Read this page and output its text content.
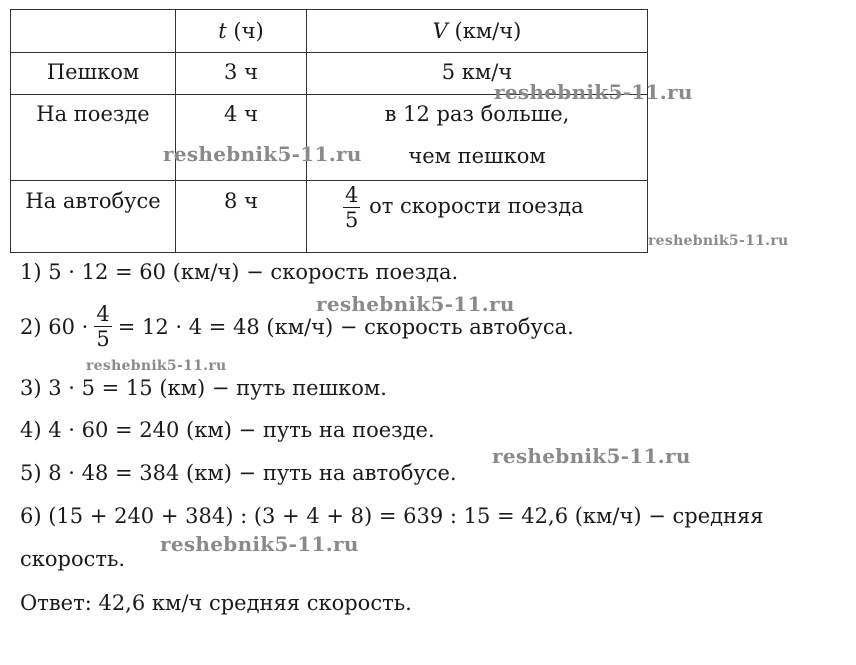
	t (ч)	V (км/ч)
Пешком	3 ч	5 км/ч
На поезде	4 ч	в 12 раз больше,
чем пешком

На автобусе	8 ч	$\frac{4}{5}$ от скорости поезда
1) 5 · 12 = 60 (км/ч) − скорость поезда.
2) $60 \cdot \frac{4}{5} = 12 \cdot 4 = 48$ (км/ч) − скорость автобуса.
3) 3 · 5 = 15 (км) − путь пешком.
4) 4 · 60 = 240 (км) − путь на поезде.
5) 8 · 48 = 384 (км) − путь на автобусе.
6) (15 + 240 + 384) : (3 + 4 + 8) = 639 : 15 = 42,6 (км/ч) − средняя
скорость.
Ответ: 42,6 км/ч средняя скорость.
reshebnik5-11.ru
reshebnik5-11.ru
reshebnik5-11.ru
reshebnik5-11.ru
reshebnik5-11.ru
reshebnik5-11.ru
reshebnik5-11.ru
